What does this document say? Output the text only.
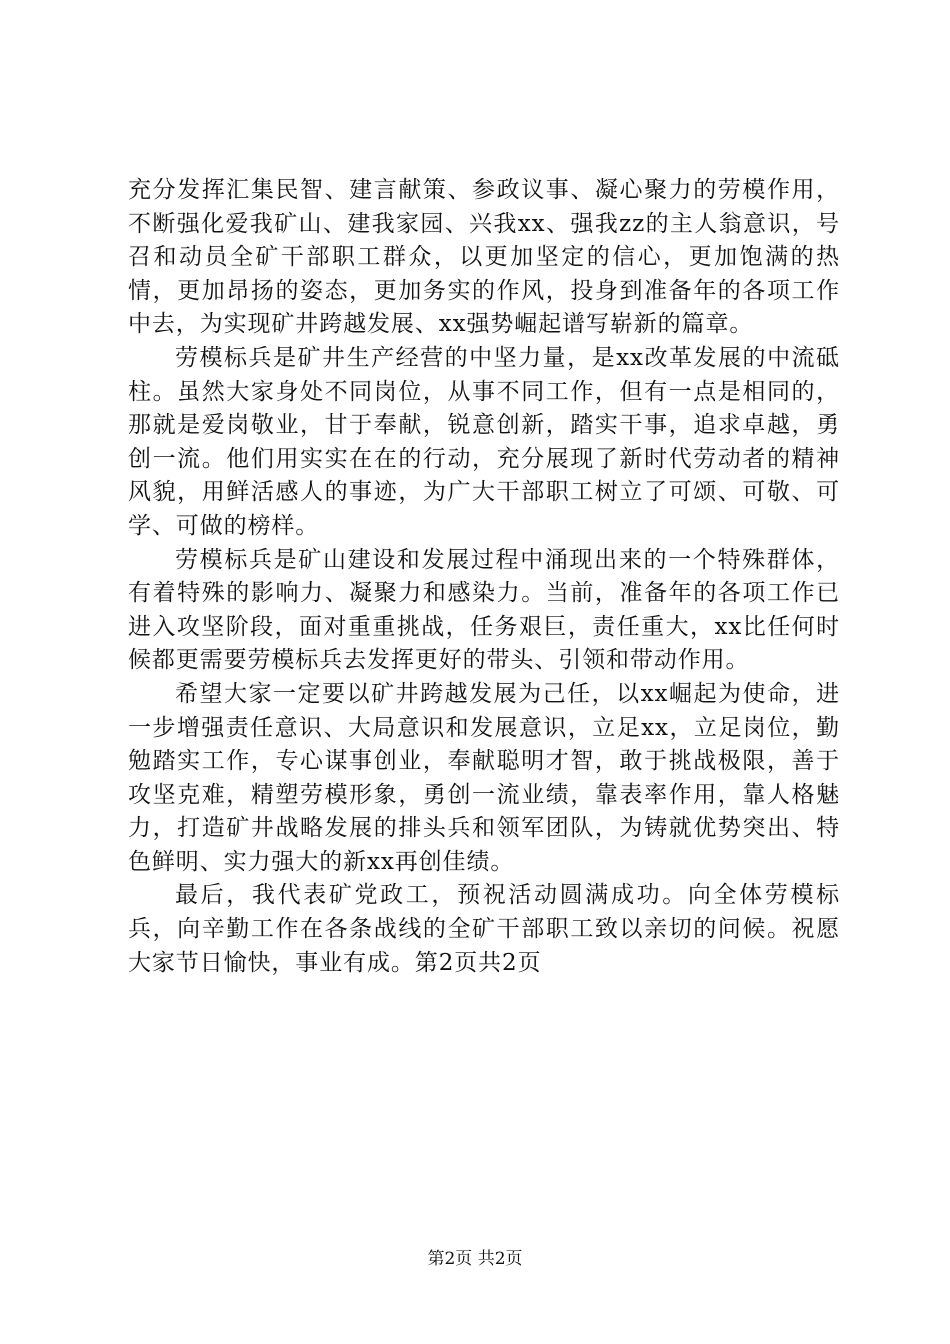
充分发挥汇集民智、建言献策、参政议事、凝心聚力的劳模作用，不断强化爱我矿山、建我家园、兴我xx、强我zz的主人翁意识，号召和动员全矿干部职工群众，以更加坚定的信心，更加饱满的热情，更加昂扬的姿态，更加务实的作风，投身到准备年的各项工作中去，为实现矿井跨越发展、xx强势崛起谱写崭新的篇章。

劳模标兵是矿井生产经营的中坚力量，是xx改革发展的中流砥柱。虽然大家身处不同岗位，从事不同工作，但有一点是相同的，那就是爱岗敬业，甘于奉献，锐意创新，踏实干事，追求卓越，勇创一流。他们用实实在在的行动，充分展现了新时代劳动者的精神风貌，用鲜活感人的事迹，为广大干部职工树立了可颂、可敬、可学、可做的榜样。

劳模标兵是矿山建设和发展过程中涌现出来的一个特殊群体，有着特殊的影响力、凝聚力和感染力。当前，准备年的各项工作已进入攻坚阶段，面对重重挑战，任务艰巨，责任重大，xx比任何时候都更需要劳模标兵去发挥更好的带头、引领和带动作用。

希望大家一定要以矿井跨越发展为己任，以xx崛起为使命，进一步增强责任意识、大局意识和发展意识，立足xx，立足岗位，勤勉踏实工作，专心谋事创业，奉献聪明才智，敢于挑战极限，善于攻坚克难，精塑劳模形象，勇创一流业绩，靠表率作用，靠人格魅力，打造矿井战略发展的排头兵和领军团队，为铸就优势突出、特色鲜明、实力强大的新xx再创佳绩。

最后，我代表矿党政工，预祝活动圆满成功。向全体劳模标兵，向辛勤工作在各条战线的全矿干部职工致以亲切的问候。祝愿大家节日愉快，事业有成。第2页共2页

第2页 共2页
